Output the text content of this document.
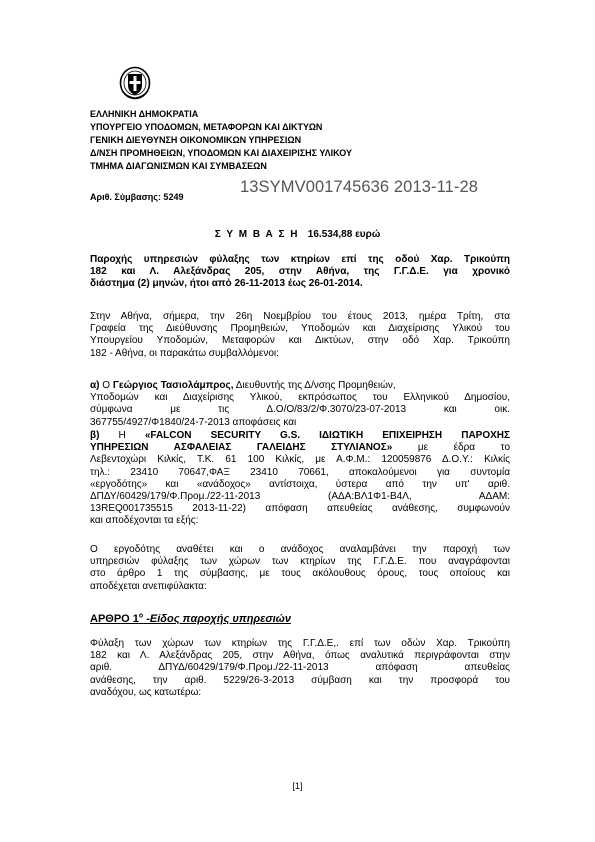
ΕΛΛΗΝΙΚΗ ΔΗΜΟΚΡΑΤΙΑ
ΥΠΟΥΡΓΕΙΟ ΥΠΟΔΟΜΩΝ, ΜΕΤΑΦΟΡΩΝ ΚΑΙ ΔΙΚΤΥΩΝ
ΓΕΝΙΚΗ ΔΙΕΥΘΥΝΣΗ ΟΙΚΟΝΟΜΙΚΩΝ ΥΠΗΡΕΣΙΩΝ
Δ/ΝΣΗ ΠΡΟΜΗΘΕΙΩΝ, ΥΠΟΔΟΜΩΝ ΚΑΙ ΔΙΑΧΕΙΡΙΣΗΣ ΥΛΙΚΟΥ
ΤΜΗΜΑ ΔΙΑΓΩΝΙΣΜΩΝ ΚΑΙ ΣΥΜΒΑΣΕΩΝ
Αριθ. Σύμβασης: 5249
13SYMV001745636 2013-11-28
Σ Υ Μ Β Α Σ Η 16.534,88 ευρώ
Παροχής υπηρεσιών φύλαξης των κτηρίων επί της οδού Χαρ. Τρικούπη
182 και Λ. Αλεξάνδρας 205, στην Αθήνα, της Γ.Γ.Δ.Ε. για χρονικό
διάστημα (2) μηνών, ήτοι από 26-11-2013 έως 26-01-2014.
Στην Αθήνα, σήμερα, την 26η Νοεμβρίου του έτους 2013, ημέρα Τρίτη, στα
Γραφεία της Διεύθυνσης Προμηθειών, Υποδομών και Διαχείρισης Υλικού του
Υπουργείου Υποδομών, Μεταφορών και Δικτύων, στην οδό Χαρ. Τρικούπη
182 - Αθήνα, οι παρακάτω συμβαλλόμενοι:
α) Ο Γεώργιος Τασιολάμπρος, Διευθυντής της Δ/νσης Προμηθειών,
Υποδομών και Διαχείρισης Υλικού, εκπρόσωπος του Ελληνικού Δημοσίου,
σύμφωνα με τις Δ.Ο/Ο/83/2/Φ.3070/23-07-2013 και οικ.
367755/4927/Φ1840/24-7-2013 αποφάσεις και
β) Η «FALCON SECURITY G.S. ΙΔΙΩΤΙΚΗ ΕΠΙΧΕΙΡΗΣΗ ΠΑΡΟΧΗΣ
ΥΠΗΡΕΣΙΩΝ ΑΣΦΑΛΕΙΑΣ ΓΑΛΕΙΔΗΣ ΣΤΥΛΙΑΝΟΣ» με έδρα το
Λεβεντοχώρι Κιλκίς, Τ.Κ. 61 100 Κιλκίς, με Α.Φ.Μ.: 120059876 Δ.Ο.Υ.: Κιλκίς
τηλ.: 23410 70647,ΦΑΞ 23410 70661, αποκαλούμενοι για συντομία
«εργοδότης» και «ανάδοχος» αντίστοιχα, ύστερα από την υπ' αριθ.
ΔΠΔΥ/60429/179/Φ.Προμ./22-11-2013 (ΑΔΑ:ΒΛ1Φ1-Β4Λ, ΑΔΑΜ:
13REQ001735515 2013-11-22) απόφαση απευθείας ανάθεσης, συμφωνούν
και αποδέχονται τα εξής:
Ο εργοδότης αναθέτει και ο ανάδοχος αναλαμβάνει την παροχή των
υπηρεσιών φύλαξης των χώρων των κτηρίων της Γ.Γ.Δ.Ε. που αναγράφονται
στο άρθρο 1 της σύμβασης, με τους ακόλουθους όρους, τους οποίους και
αποδέχεται ανεπιφύλακτα:
ΑΡΘΡΟ $1^o$ -Είδος παροχής υπηρεσιών
Φύλαξη των χώρων των κτηρίων της Γ.Γ.Δ.Ε,. επί των οδών Χαρ. Τρικούπη
182 και Λ. Αλεξάνδρας 205, στην Αθήνα, όπως αναλυτικά περιγράφονται στην
αριθ. ΔΠΥΔ/60429/179/Φ.Προμ./22-11-2013 απόφαση απευθείας
ανάθεσης, την αριθ. 5229/26-3-2013 σύμβαση και την προσφορά του
αναδόχου, ως κατωτέρω:
[1]
